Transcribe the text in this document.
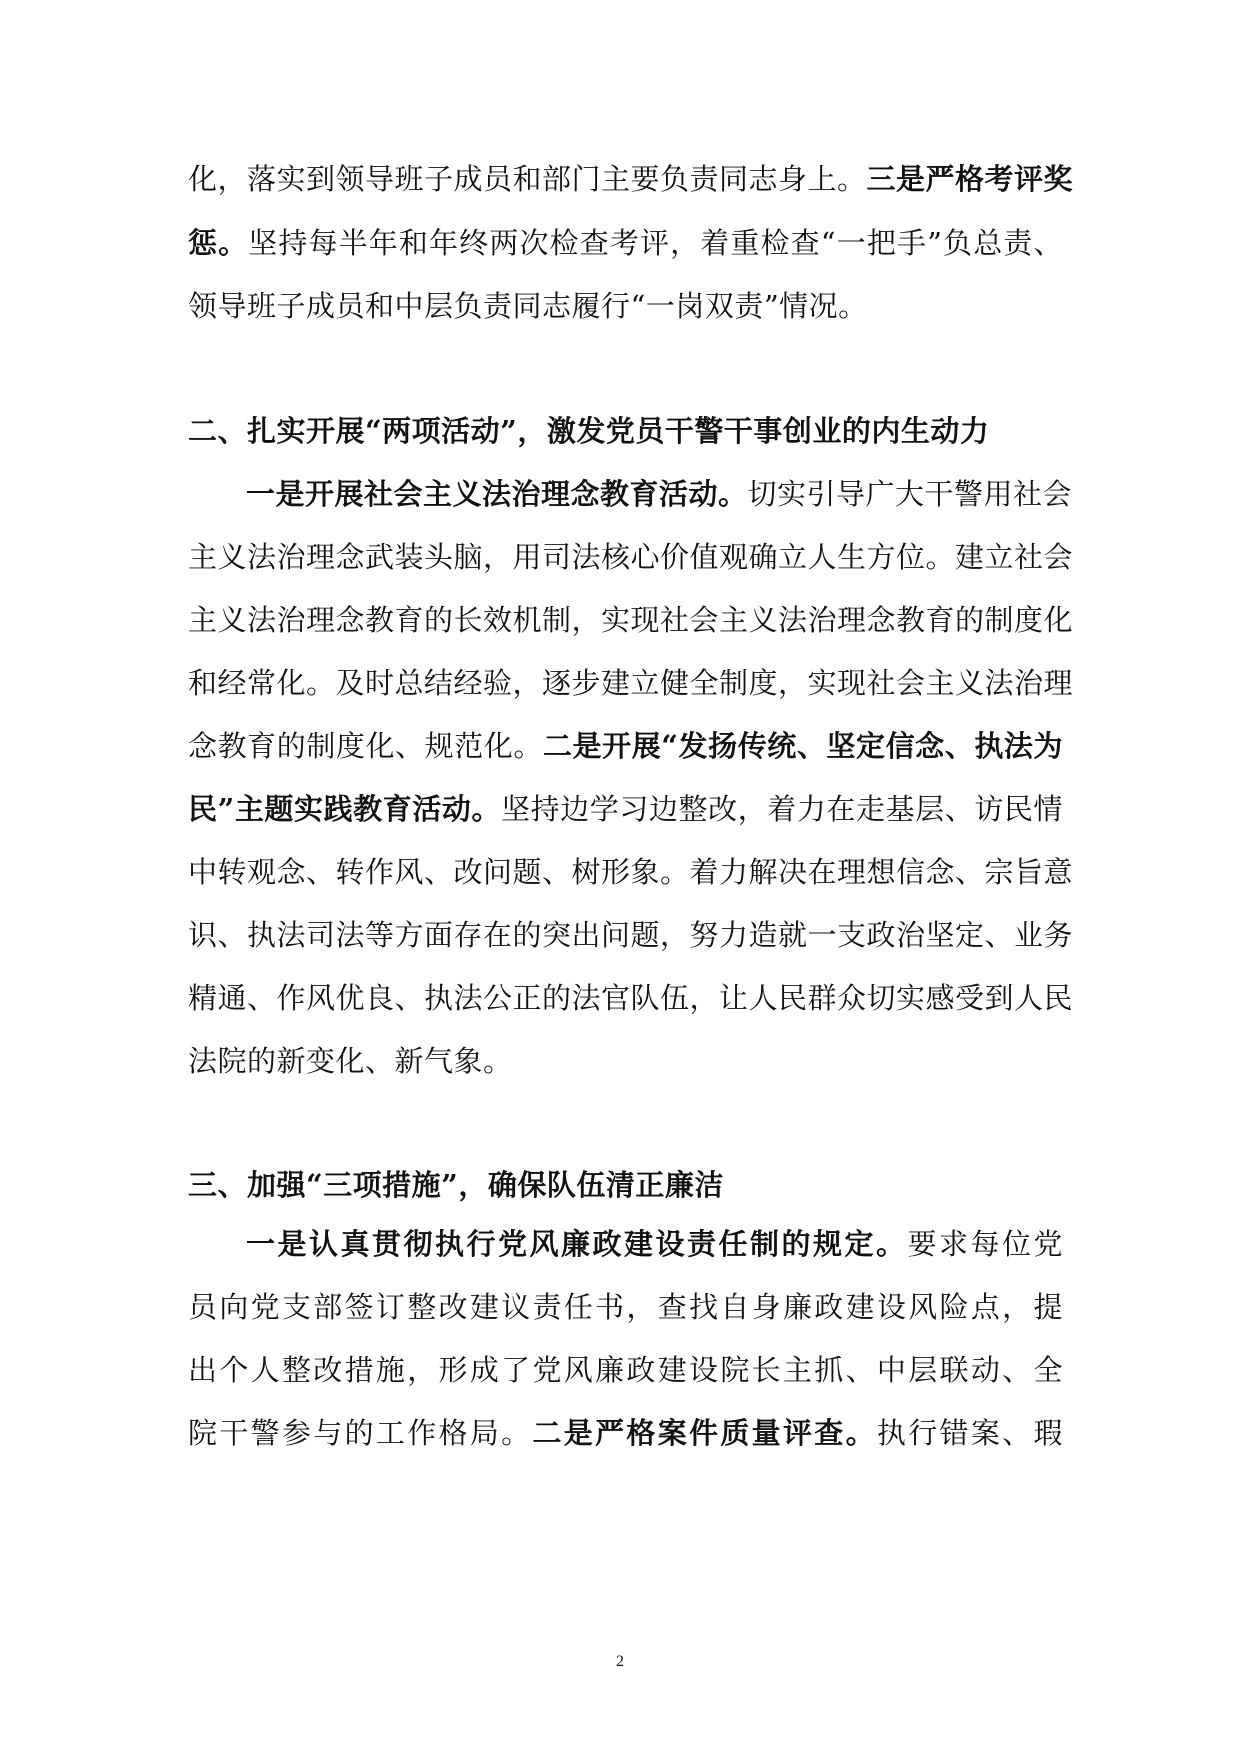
化，落实到领导班子成员和部门主要负责同志身上。三是严格考评奖
惩。坚持每半年和年终两次检查考评，着重检查“一把手”负总责、
领导班子成员和中层负责同志履行“一岗双责”情况。
二、扎实开展“两项活动”，激发党员干警干事创业的内生动力
一是开展社会主义法治理念教育活动。切实引导广大干警用社会
主义法治理念武装头脑，用司法核心价值观确立人生方位。建立社会
主义法治理念教育的长效机制，实现社会主义法治理念教育的制度化
和经常化。及时总结经验，逐步建立健全制度，实现社会主义法治理
念教育的制度化、规范化。二是开展“发扬传统、坚定信念、执法为
民”主题实践教育活动。坚持边学习边整改，着力在走基层、访民情
中转观念、转作风、改问题、树形象。着力解决在理想信念、宗旨意
识、执法司法等方面存在的突出问题，努力造就一支政治坚定、业务
精通、作风优良、执法公正的法官队伍，让人民群众切实感受到人民
法院的新变化、新气象。
三、加强“三项措施”，确保队伍清正廉洁
一是认真贯彻执行党风廉政建设责任制的规定。要求每位党
员向党支部签订整改建议责任书，查找自身廉政建设风险点，提
出个人整改措施，形成了党风廉政建设院长主抓、中层联动、全
院干警参与的工作格局。二是严格案件质量评查。执行错案、瑕
2
